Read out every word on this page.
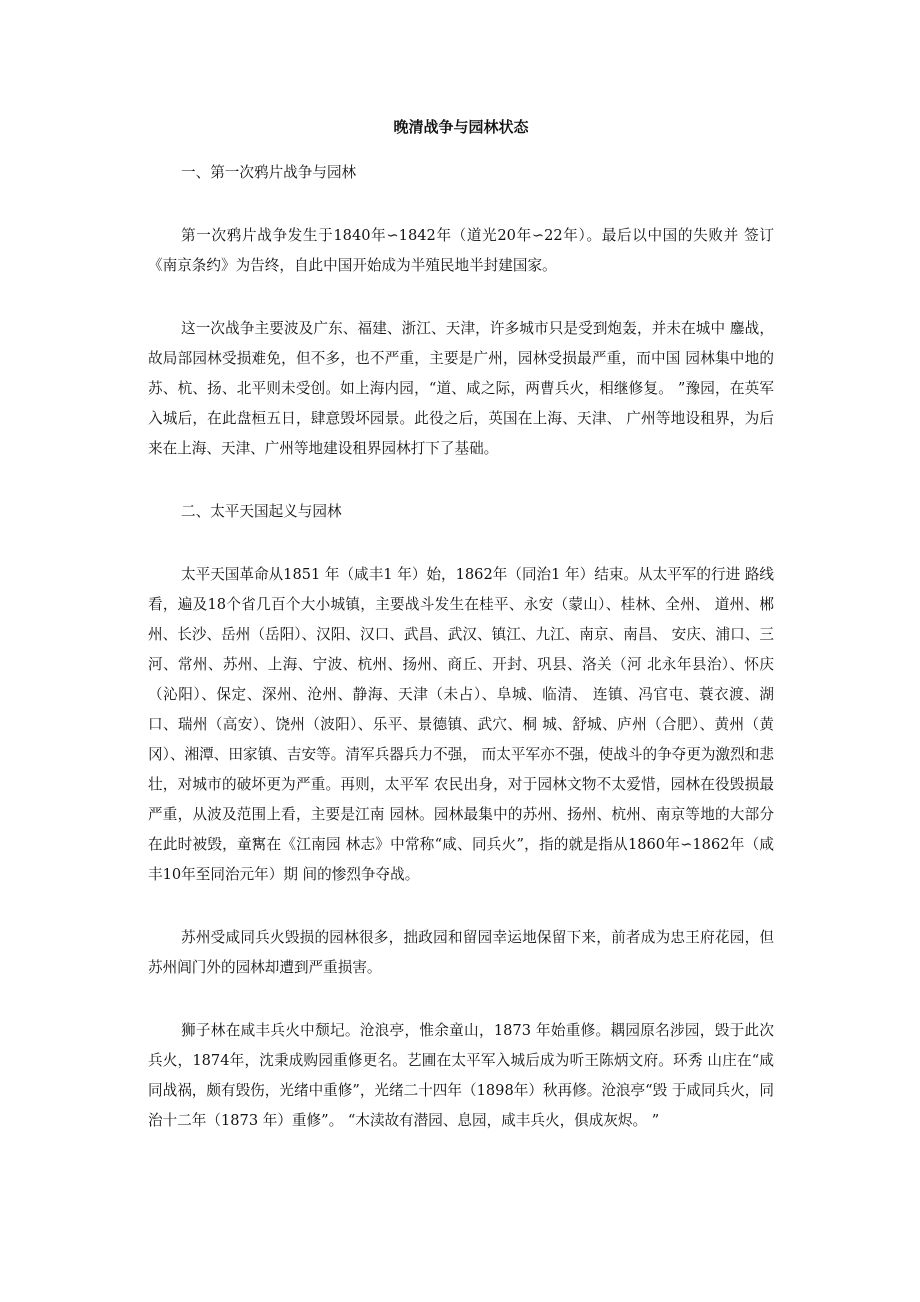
晚清战争与园林状态

一、第一次鸦片战争与园林

第一次鸦片战争发生于1840年∽1842年（道光20年∽22年）。最后以中国的失败并 签订《南京条约》为告终，自此中国开始成为半殖民地半封建国家。

这一次战争主要波及广东、福建、浙江、天津，许多城市只是受到炮轰，并未在城中 鏖战，故局部园林受损难免，但不多，也不严重，主要是广州，园林受损最严重，而中国 园林集中地的苏、杭、扬、北平则未受创。如上海内园，“道、咸之际，两曹兵火，相继修复。 ”豫园，在英军入城后，在此盘桓五日，肆意毁坏园景。此役之后，英国在上海、天津、 广州等地设租界，为后来在上海、天津、广州等地建设租界园林打下了基础。

二、太平天国起义与园林

太平天国革命从1851 年（咸丰1 年）始，1862年（同治1 年）结束。从太平军的行进 路线看，遍及18个省几百个大小城镇，主要战斗发生在桂平、永安（蒙山）、桂林、全州、 道州、郴州、长沙、岳州（岳阳）、汉阳、汉口、武昌、武汉、镇江、九江、南京、南昌、 安庆、浦口、三河、常州、苏州、上海、宁波、杭州、扬州、商丘、开封、巩县、洛关（河 北永年县治）、怀庆（沁阳）、保定、深州、沧州、静海、天津（未占）、阜城、临清、 连镇、冯官屯、蓑衣渡、湖口、瑞州（高安）、饶州（波阳）、乐平、景德镇、武穴、桐 城、舒城、庐州（合肥）、黄州（黄冈）、湘潭、田家镇、吉安等。清军兵器兵力不强， 而太平军亦不强，使战斗的争夺更为激烈和悲壮，对城市的破坏更为严重。再则，太平军 农民出身，对于园林文物不太爱惜，园林在役毁损最严重，从波及范围上看，主要是江南 园林。园林最集中的苏州、扬州、杭州、南京等地的大部分在此时被毁，童寯在《江南园 林志》中常称“咸、同兵火”，指的就是指从1860年∽1862年（咸丰10年至同治元年）期 间的惨烈争夺战。

苏州受咸同兵火毁损的园林很多，拙政园和留园幸运地保留下来，前者成为忠王府花园，但苏州阊门外的园林却遭到严重损害。

狮子林在咸丰兵火中颓圮。沧浪亭，惟余童山，1873 年始重修。耦园原名涉园，毁于此次兵火，1874年，沈秉成购园重修更名。艺圃在太平军入城后成为听王陈炳文府。环秀 山庄在“咸同战祸，颇有毁伤，光绪中重修”，光绪二十四年（1898年）秋再修。沧浪亭“毁 于咸同兵火，同治十二年（1873 年）重修”。 “木渎故有潜园、息园，咸丰兵火，俱成灰烬。 ”
